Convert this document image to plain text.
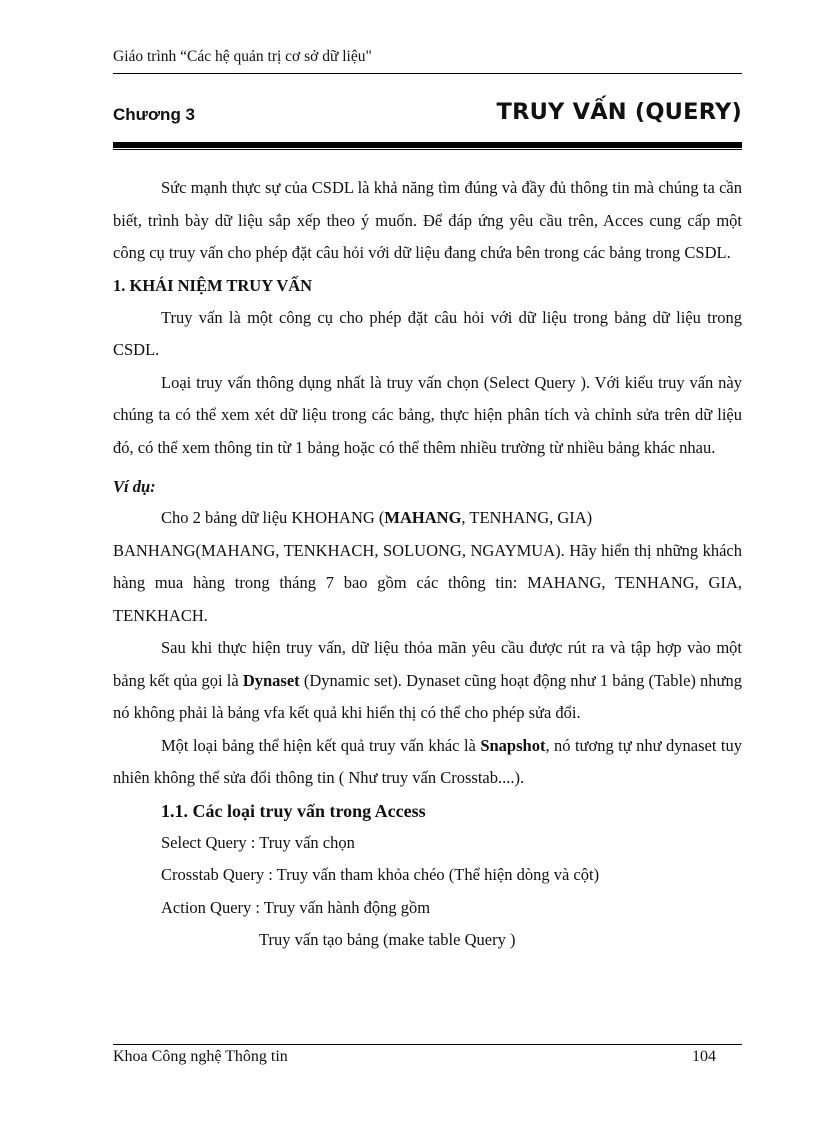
Giáo trình “Các hệ quản trị cơ sở dữ liệu"
Chương 3	TRUY VẤN (QUERY)

Sức mạnh thực sự của CSDL là khả năng tìm đúng và đầy đủ thông tin mà chúng ta cần biết, trình bày dữ liệu sắp xếp theo ý muốn. Để đáp ứng yêu cầu trên, Acces cung cấp một công cụ truy vấn cho phép đặt câu hỏi với dữ liệu đang chứa bên trong các bảng trong CSDL.

1. KHÁI NIỆM TRUY VẤN

Truy vấn là một công cụ cho phép đặt câu hỏi với dữ liệu trong bảng dữ liệu trong CSDL.

Loại truy vấn thông dụng nhất là truy vấn chọn (Select Query ). Với kiểu truy vấn này chúng ta có thể xem xét dữ liệu trong các bảng, thực hiện phân tích và chỉnh sửa trên dữ liệu đó, có thể xem thông tin từ 1 bảng hoặc có thể thêm nhiều trường từ nhiều bảng khác nhau.

Ví dụ:

Cho 2 bảng dữ liệu KHOHANG (MAHANG, TENHANG, GIA)

BANHANG(MAHANG, TENKHACH, SOLUONG, NGAYMUA). Hãy hiển thị những khách hàng mua hàng trong tháng 7 bao gồm các thông tin: MAHANG, TENHANG, GIA, TENKHACH.

Sau khi thực hiện truy vấn, dữ liệu thỏa mãn yêu cầu được rút ra và tập hợp vào một bảng kết qủa gọi là Dynaset (Dynamic set). Dynaset cũng hoạt động như 1 bảng (Table) nhưng nó không phải là bảng vfa kết quả khi hiển thị có thể cho phép sửa đổi.

Một loại bảng thể hiện kết quả truy vấn khác là Snapshot, nó tương tự như dynaset tuy nhiên không thể sửa đổi thông tin ( Như truy vấn Crosstab....).

1.1. Các loại truy vấn trong Access

Select Query : Truy vấn chọn

Crosstab Query : Truy vấn tham khỏa chéo (Thể hiện dòng và cột)

Action Query : Truy vấn hành động gồm

Truy vấn tạo bảng (make table Query )

Khoa Công nghệ Thông tin	104
